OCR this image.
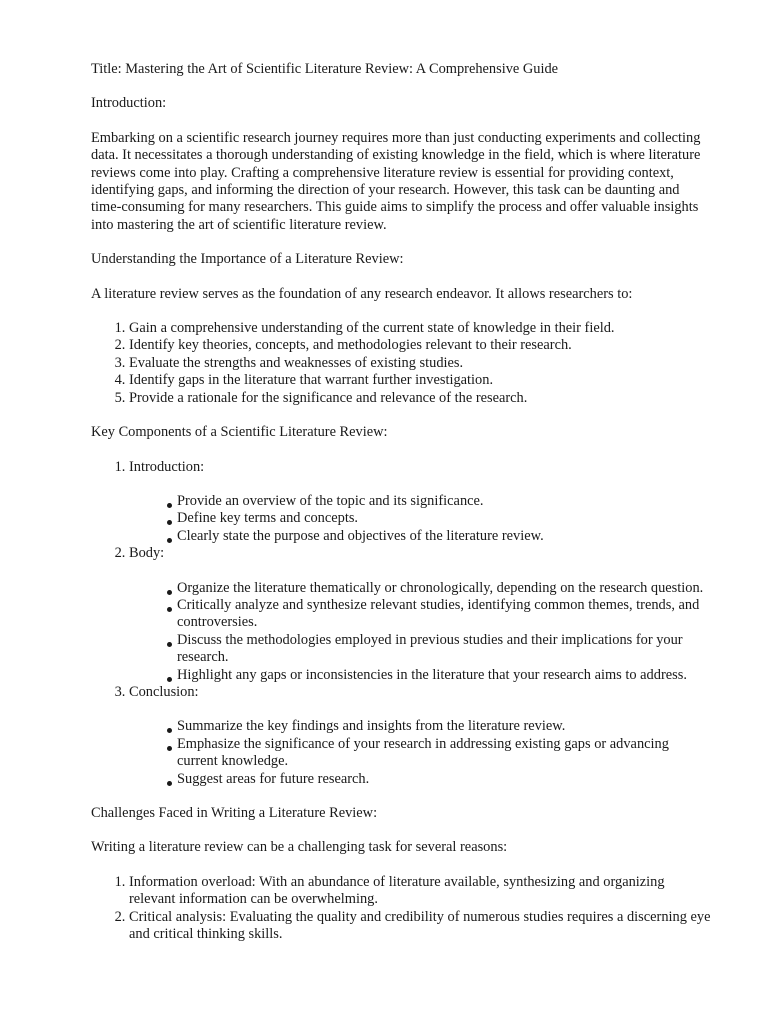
Title: Mastering the Art of Scientific Literature Review: A Comprehensive Guide

Introduction:

Embarking on a scientific research journey requires more than just conducting experiments and collecting data. It necessitates a thorough understanding of existing knowledge in the field, which is where literature reviews come into play. Crafting a comprehensive literature review is essential for providing context, identifying gaps, and informing the direction of your research. However, this task can be daunting and time-consuming for many researchers. This guide aims to simplify the process and offer valuable insights into mastering the art of scientific literature review.

Understanding the Importance of a Literature Review:

A literature review serves as the foundation of any research endeavor. It allows researchers to:

1. Gain a comprehensive understanding of the current state of knowledge in their field.
2. Identify key theories, concepts, and methodologies relevant to their research.
3. Evaluate the strengths and weaknesses of existing studies.
4. Identify gaps in the literature that warrant further investigation.
5. Provide a rationale for the significance and relevance of the research.

Key Components of a Scientific Literature Review:

1. Introduction:
Provide an overview of the topic and its significance.
Define key terms and concepts.
Clearly state the purpose and objectives of the literature review.
2. Body:
Organize the literature thematically or chronologically, depending on the research question.
Critically analyze and synthesize relevant studies, identifying common themes, trends, and controversies.
Discuss the methodologies employed in previous studies and their implications for your research.
Highlight any gaps or inconsistencies in the literature that your research aims to address.
3. Conclusion:
Summarize the key findings and insights from the literature review.
Emphasize the significance of your research in addressing existing gaps or advancing current knowledge.
Suggest areas for future research.

Challenges Faced in Writing a Literature Review:

Writing a literature review can be a challenging task for several reasons:

1. Information overload: With an abundance of literature available, synthesizing and organizing relevant information can be overwhelming.
2. Critical analysis: Evaluating the quality and credibility of numerous studies requires a discerning eye and critical thinking skills.
